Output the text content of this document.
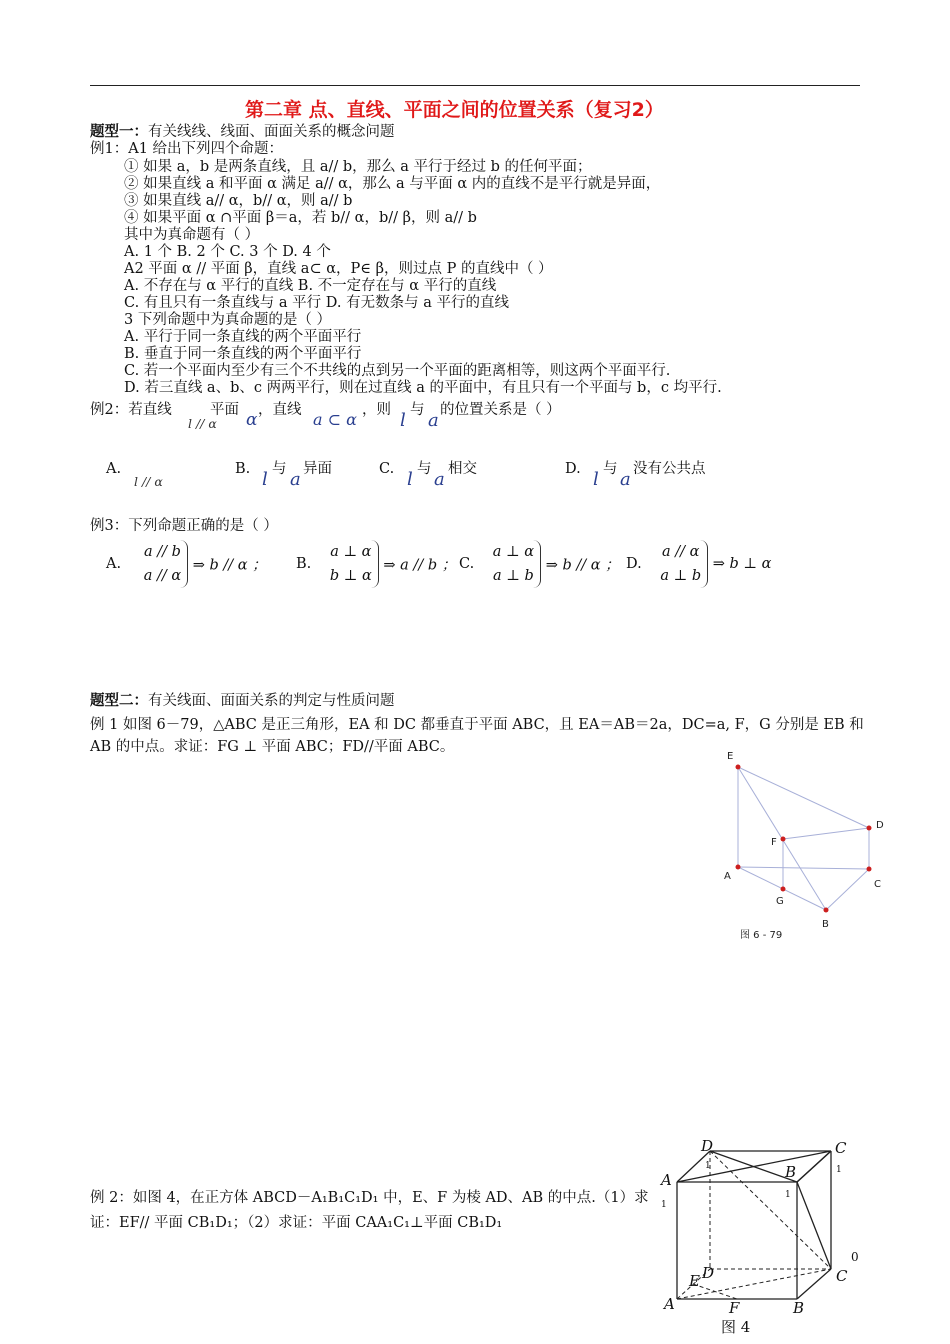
第二章 点、直线、平面之间的位置关系（复习2）
题型一：有关线线、线面、面面关系的概念问题
例1：A1 给出下列四个命题：
① 如果 a，b 是两条直线，且 a// b，那么 a 平行于经过 b 的任何平面；
② 如果直线 a 和平面 α 满足 a// α，那么 a 与平面 α 内的直线不是平行就是异面，
③ 如果直线 a// α，b// α，则 a// b
④ 如果平面 α ∩平面 β＝a，若 b// α，b// β，则 a// b
其中为真命题有（ ）
A. 1 个 B. 2 个 C. 3 个 D. 4 个
A2 平面 α // 平面 β，直线 a⊂ α，P∈ β，则过点 P 的直线中（ ）
A. 不存在与 α 平行的直线 B. 不一定存在与 α 平行的直线
C. 有且只有一条直线与 a 平行 D. 有无数条与 a 平行的直线
3 下列命题中为真命题的是（ ）
A. 平行于同一条直线的两个平面平行
B. 垂直于同一条直线的两个平面平行
C. 若一个平面内至少有三个不共线的点到另一个平面的距离相等，则这两个平面平行.
D. 若三直线 a、b、c 两两平行，则在过直线 a 的平面中，有且只有一个平面与 b，c 均平行.
例2：若直线
l // α
平面 α ，直线 a ⊂ α ，则 l 与 a 的位置关系是（ ）
A.
l // α
B. l 与 a 异面	C. l 与 a 相交	D. l 与 a 没有公共点
例3：下列命题正确的是（ ）
A. a // b
a // α ⇒ b // α ； B. a ⊥ α
b ⊥ α ⇒ a // b ； C. a ⊥ α
a ⊥ b ⇒ b // α ； D. a // α
a ⊥ b ⇒ b ⊥ α
题型二：有关线面、面面关系的判定与性质问题
例 1 如图 6－79，△ABC 是正三角形，EA 和 DC 都垂直于平面 ABC，且 EA＝AB＝2a，DC=a, F，G 分别是 EB 和
AB 的中点。求证：FG ⊥ 平面 ABC；FD//平面 ABC。
E
D
F
A
C
G
B
图 6 - 79
例 2：如图 4，在正方体 ABCD－A₁B₁C₁D₁ 中，E、F 为棱 AD、AB 的中点.（1）求
证：EF// 平面 CB₁D₁；（2）求证：平面 CAA₁C₁⊥平面 CB₁D₁
D	C
A	B
1	1
1
1
0
E D	C
A	F	B
图 4
